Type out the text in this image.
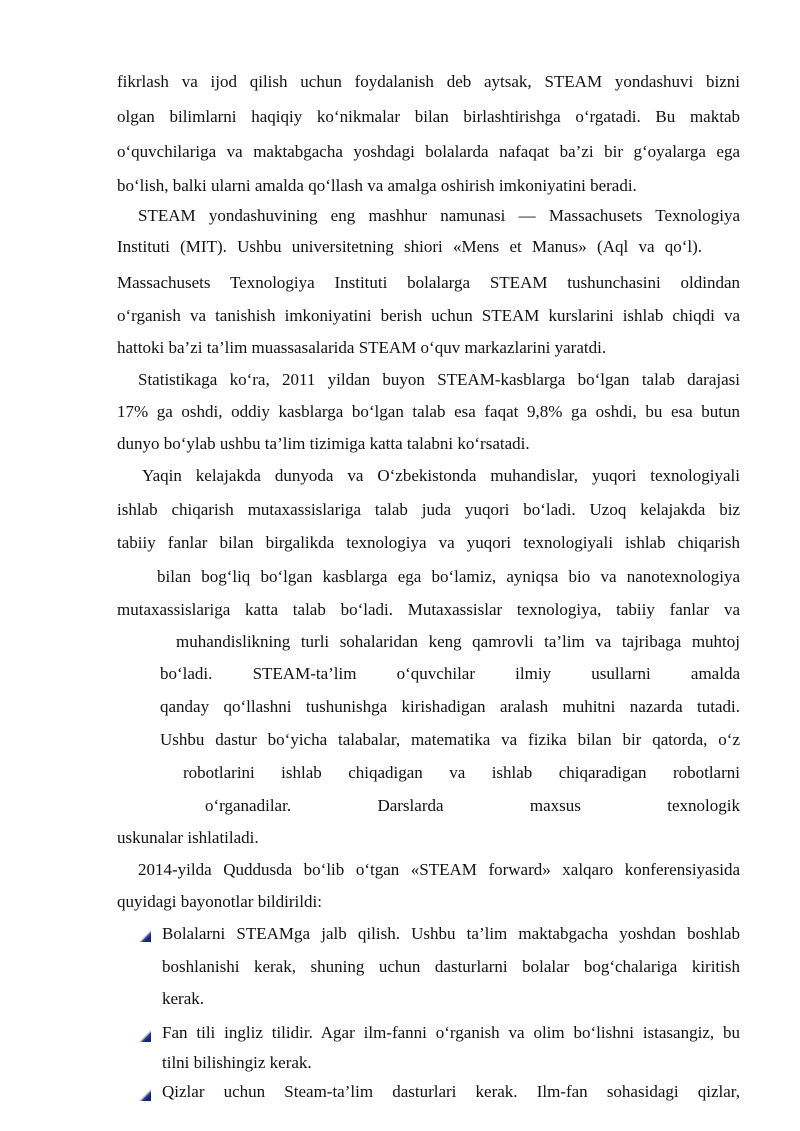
fikrlash va ijod qilish uchun foydalanish deb aytsak, STEAM yondashuvi bizni
olgan bilimlarni haqiqiy ko‘nikmalar bilan birlashtirishga o‘rgatadi. Bu maktab
o‘quvchilariga va maktabgacha yoshdagi bolalarda nafaqat ba’zi bir g‘oyalarga ega
bo‘lish, balki ularni amalda qo‘llash va amalga oshirish imkoniyatini beradi.
STEAM yondashuvining eng mashhur namunasi — Massachusets Texnologiya
Instituti (MIT). Ushbu universitetning shiori «Mens et Manus» (Aql va qo‘l).
Massachusets Texnologiya Instituti bolalarga STEAM tushunchasini oldindan
o‘rganish va tanishish imkoniyatini berish uchun STEAM kurslarini ishlab chiqdi va
hattoki ba’zi ta’lim muassasalarida STEAM o‘quv markazlarini yaratdi.
Statistikaga ko‘ra, 2011 yildan buyon STEAM-kasblarga bo‘lgan talab darajasi
17% ga oshdi, oddiy kasblarga bo‘lgan talab esa faqat 9,8% ga oshdi, bu esa butun
dunyo bo‘ylab ushbu ta’lim tizimiga katta talabni ko‘rsatadi.
Yaqin kelajakda dunyoda va O‘zbekistonda muhandislar, yuqori texnologiyali
ishlab chiqarish mutaxassislariga talab juda yuqori bo‘ladi. Uzoq kelajakda biz
tabiiy fanlar bilan birgalikda texnologiya va yuqori texnologiyali ishlab chiqarish
bilan bog‘liq bo‘lgan kasblarga ega bo‘lamiz, ayniqsa bio va nanotexnologiya
mutaxassislariga katta talab bo‘ladi. Mutaxassislar texnologiya, tabiiy fanlar va
muhandislikning turli sohalaridan keng qamrovli ta’lim va tajribaga muhtoj
bo‘ladi. STEAM-ta’lim o‘quvchilar ilmiy usullarni amalda
qanday qo‘llashni tushunishga kirishadigan aralash muhitni nazarda tutadi.
Ushbu dastur bo‘yicha talabalar, matematika va fizika bilan bir qatorda, o‘z
robotlarini ishlab chiqadigan va ishlab chiqaradigan robotlarni
o‘rganadilar. Darslarda maxsus texnologik
uskunalar ishlatiladi.
2014-yilda Quddusda bo‘lib o‘tgan «STEAM forward» xalqaro konferensiyasida
quyidagi bayonotlar bildirildi:
Bolalarni STEAMga jalb qilish. Ushbu ta’lim maktabgacha yoshdan boshlab
boshlanishi kerak, shuning uchun dasturlarni bolalar bog‘chalariga kiritish
kerak.
Fan tili ingliz tilidir. Agar ilm-fanni o‘rganish va olim bo‘lishni istasangiz, bu
tilni bilishingiz kerak.
Qizlar uchun Steam-ta’lim dasturlari kerak. Ilm-fan sohasidagi qizlar,
